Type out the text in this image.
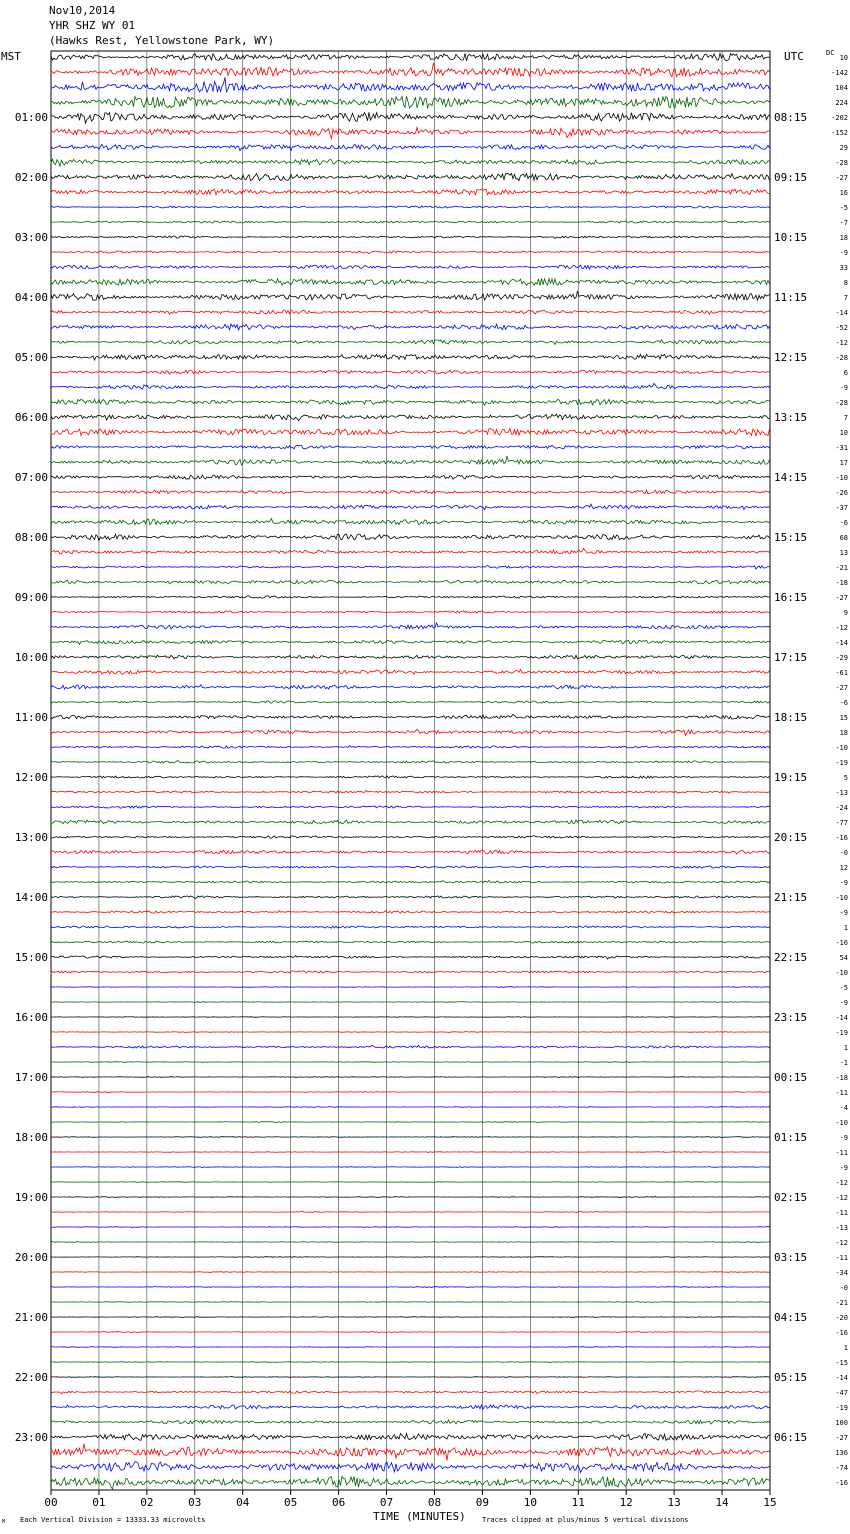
Nov10,2014
YHR SHZ WY 01
(Hawks Rest, Yellowstone Park, WY)
MST	UTC	DC
10
-142
104
224
-202
-152
29
-28
-27
16
-5
-7
18
-9
33
8
7
-14
-52
-12
-28
6
-9
-28
7
10
-31
17
-10
-26
-37
-6
68
13
-21
-18
-27
9
-12
-14
-29
-61
-27
-6
15
18
-10
-19
5
-13
-24
-77
-16
-0
12
-9
-10
-9
1
-16
54
-10
-5
-9
-14
-19
1
-1
-18
-11
-4
-10
-9
-11
-9
-12
-12
-11
-13
-12
-11
-34
-0
-21
-20
-16
1
-15
-14
-47
-19
100
-27
136
-74
-16
01:00
02:00
03:00
04:00
05:00
06:00
07:00
08:00
09:00
10:00
11:00
12:00
13:00
14:00
15:00
16:00
17:00
18:00
19:00
20:00
21:00
22:00
23:00
08:15
09:15
10:15
11:15
12:15
13:15
14:15
15:15
16:15
17:15
18:15
19:15
20:15
21:15
22:15
23:15
00:15
01:15
02:15
03:15
04:15
05:15
06:15
00	01	02	03	04	05	06	07	08	09	10	11	12	13	14	15
TIME (MINUTES)
Each Vertical Division = 13333.33 microvolts	Traces clipped at plus/minus 5 vertical divisions
M
